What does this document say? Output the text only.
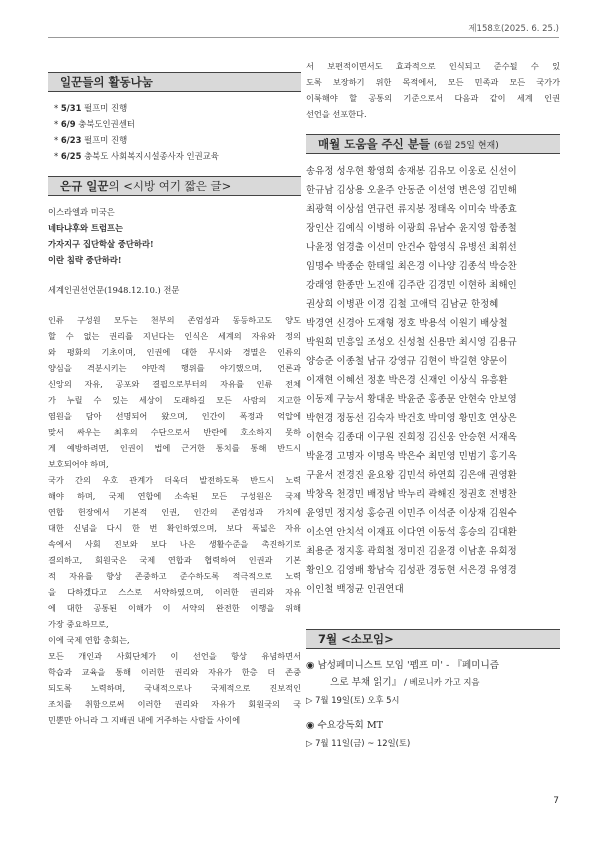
제158호(2025. 6. 25.)
일꾼들의 활동나눔
* 5/31 펄프미 진행
* 6/9 충북도인권센터
* 6/23 펄프미 진행
* 6/25 충북도 사회복지시설종사자 인권교육
은규 일꾼의 <시방 여기 짧은 글>
이스라엘과 미국은
네타냐후와 트럼프는
가자지구 집단학살 중단하라!
이란 침략 중단하라!
세계인권선언문(1948.12.10.) 전문

인류 구성원 모두는 천부의 존엄성과 동등하고도 양도
할 수 없는 권리를 지닌다는 인식은 세계의 자유와 정의
와 평화의 기초이며, 인권에 대한 무시와 경멸은 인류의
양심을 격분시키는 야만적 행위를 야기했으며, 언론과
신앙의 자유, 공포와 결핍으로부터의 자유를 인류 전체
가 누릴 수 있는 세상이 도래하길 모든 사람의 지고한
염원을 담아 선명되어 왔으며, 인간이 폭정과 억압에
맞서 싸우는 최후의 수단으로서 반란에 호소하지 못하
게 예방하려면, 인권이 법에 근거한 통치를 통해 반드시
보호되어야 하며,

국가 간의 우호 관계가 더욱더 발전하도록 반드시 노력
해야 하며, 국제 연합에 소속된 모든 구성원은 국제
연합 헌장에서 기본적 인권, 인간의 존엄성과 가치에
대한 신념을 다시 한 번 확인하였으며, 보다 폭넓은 자유
속에서 사회 진보와 보다 나은 생활수준을 촉진하기로
결의하고, 회원국은 국제 연합과 협력하여 인권과 기본
적 자유를 향상 존중하고 준수하도록 적극적으로 노력
을 다하겠다고 스스로 서약하였으며, 이러한 권리와 자유
에 대한 공통된 이해가 이 서약의 완전한 이행을 위해
가장 중요하므로,

이에 국제 연합 총회는,

모든 개인과 사회단체가 이 선언을 항상 유념하면서
학습과 교육을 통해 이러한 권리와 자유가 한층 더 존중
되도록 노력하며, 국내적으로나 국제적으로 진보적인
조치를 취함으로써 이러한 권리와 자유가 회원국의 국
민뿐만 아니라 그 지배권 내에 거주하는 사람들 사이에

서 보편적이면서도 효과적으로 인식되고 준수될 수 있
도록 보장하기 위한 목적에서, 모든 민족과 모든 국가가
이룩해야 할 공통의 기준으로서 다음과 같이 세계 인권
선언을 선포한다.

매월 도움을 주신 분들 (6월 25일 현재)
송유정 성우현 황영희 송재봉 김유모 이웅로 신선이
한규남 김상용 오윤주 안동준 이선영 변은영 김민해
최광혁 이상섭 연규련 류지봉 정태옥 이미숙 박종효
장인산 김예식 이병하 이광희 유남수 윤지영 함종철
나윤정 엄경출 이선미 안건수 함영식 유병선 최휘선
임명수 박종순 한태일 최은경 이나양 김종석 박승찬
강래영 한종만 노진애 김주란 김경민 이현하 최해인
권상희 이병관 이경 김철 고애덕 김남균 한정혜
박경연 신경아 도재형 정호 박용석 이원기 배상철
박원희 민흥일 조성오 신성철 신용만 최시영 김용규
양승준 이종철 남규 강영규 김현이 박길현 양문이
이재현 이혜선 정훈 박은경 신재인 이상식 유흥환
이동제 구능서 황대운 박윤준 홍종문 안현숙 안보영
박현경 정동선 김숙자 박건호 박미영 황민호 연상은
이현숙 김종대 이구원 진희정 김신웅 안승현 서재옥
박윤경 고명자 이명옥 박은수 최민영 민범기 홍기옥
구윤서 전경진 윤요왕 김민석 하연희 김은애 권영환
박창옥 천경민 배정남 박누리 곽해진 정권호 전병찬
윤영민 정지성 홍승권 이민주 이석준 이상재 김원수
이소연 안치석 이재표 이다연 이동석 홍승의 김대환
최용준 정지홍 곽희철 정미진 김윤경 이남훈 유회정
황인오 김영배 황남숙 김성관 경동현 서은경 유영경
이인철 백정균 인권연대
7월 <소모임>
◉ 남성페미니스트 모임 '펩프 미' - 『페미니즘
으로 부채 읽기』 / 베로니카 가고 지음
▷ 7월 19일(토) 오후 5시
◉ 수요강독회 MT
▷ 7월 11일(금) ~ 12일(토)
7
